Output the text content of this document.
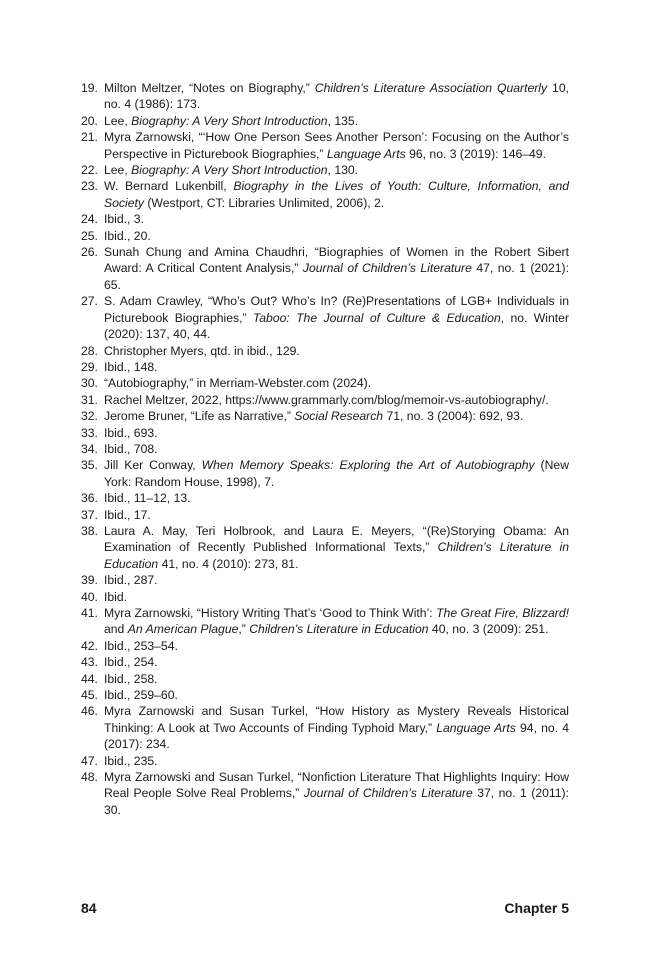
19. Milton Meltzer, “Notes on Biography,” Children’s Literature Association Quarterly 10, no. 4 (1986): 173.
20. Lee, Biography: A Very Short Introduction, 135.
21. Myra Zarnowski, “‘How One Person Sees Another Person’: Focusing on the Author’s Perspective in Picturebook Biographies,” Language Arts 96, no. 3 (2019): 146–49.
22. Lee, Biography: A Very Short Introduction, 130.
23. W. Bernard Lukenbill, Biography in the Lives of Youth: Culture, Information, and Society (Westport, CT: Libraries Unlimited, 2006), 2.
24. Ibid., 3.
25. Ibid., 20.
26. Sunah Chung and Amina Chaudhri, “Biographies of Women in the Robert Sibert Award: A Critical Content Analysis,” Journal of Children’s Literature 47, no. 1 (2021): 65.
27. S. Adam Crawley, “Who’s Out? Who’s In? (Re)Presentations of LGB+ Individuals in Picturebook Biographies,” Taboo: The Journal of Culture & Education, no. Winter (2020): 137, 40, 44.
28. Christopher Myers, qtd. in ibid., 129.
29. Ibid., 148.
30. “Autobiography,” in Merriam-Webster.com (2024).
31. Rachel Meltzer, 2022, https://www.grammarly.com/blog/memoir-vs-autobiography/.
32. Jerome Bruner, “Life as Narrative,” Social Research 71, no. 3 (2004): 692, 93.
33. Ibid., 693.
34. Ibid., 708.
35. Jill Ker Conway, When Memory Speaks: Exploring the Art of Autobiography (New York: Random House, 1998), 7.
36. Ibid., 11–12, 13.
37. Ibid., 17.
38. Laura A. May, Teri Holbrook, and Laura E. Meyers, “(Re)Storying Obama: An Examination of Recently Published Informational Texts,” Children’s Literature in Education 41, no. 4 (2010): 273, 81.
39. Ibid., 287.
40. Ibid.
41. Myra Zarnowski, “History Writing That’s ‘Good to Think With’: The Great Fire, Blizzard! and An American Plague,” Children’s Literature in Education 40, no. 3 (2009): 251.
42. Ibid., 253–54.
43. Ibid., 254.
44. Ibid., 258.
45. Ibid., 259–60.
46. Myra Zarnowski and Susan Turkel, “How History as Mystery Reveals Historical Thinking: A Look at Two Accounts of Finding Typhoid Mary,” Language Arts 94, no. 4 (2017): 234.
47. Ibid., 235.
48. Myra Zarnowski and Susan Turkel, “Nonfiction Literature That Highlights Inquiry: How Real People Solve Real Problems,” Journal of Children’s Literature 37, no. 1 (2011): 30.
84	Chapter 5
